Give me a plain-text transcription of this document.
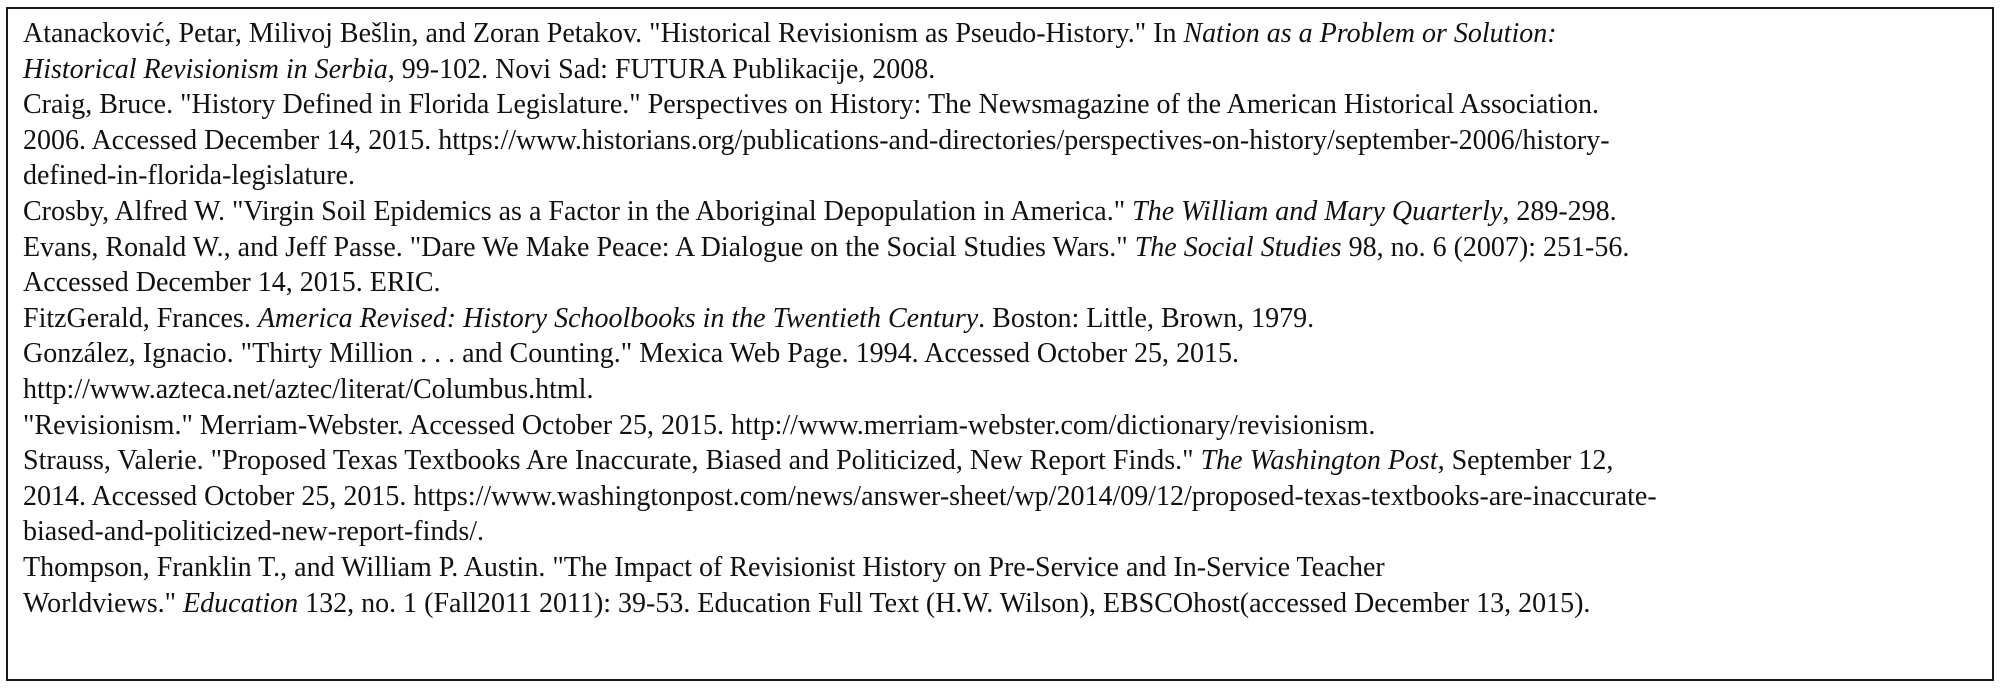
Atanacković, Petar, Milivoj Bešlin, and Zoran Petakov. "Historical Revisionism as Pseudo-History." In Nation as a Problem or Solution:
Historical Revisionism in Serbia, 99-102. Novi Sad: FUTURA Publikacije, 2008.
Craig, Bruce. "History Defined in Florida Legislature." Perspectives on History: The Newsmagazine of the American Historical Association.
2006. Accessed December 14, 2015. https://www.historians.org/publications-and-directories/perspectives-on-history/september-2006/history-
defined-in-florida-legislature.
Crosby, Alfred W. "Virgin Soil Epidemics as a Factor in the Aboriginal Depopulation in America." The William and Mary Quarterly, 289-298.
Evans, Ronald W., and Jeff Passe. "Dare We Make Peace: A Dialogue on the Social Studies Wars." The Social Studies 98, no. 6 (2007): 251-56.
Accessed December 14, 2015. ERIC.
FitzGerald, Frances. America Revised: History Schoolbooks in the Twentieth Century. Boston: Little, Brown, 1979.
González, Ignacio. "Thirty Million . . . and Counting." Mexica Web Page. 1994. Accessed October 25, 2015.
http://www.azteca.net/aztec/literat/Columbus.html.
"Revisionism." Merriam-Webster. Accessed October 25, 2015. http://www.merriam-webster.com/dictionary/revisionism.
Strauss, Valerie. "Proposed Texas Textbooks Are Inaccurate, Biased and Politicized, New Report Finds." The Washington Post, September 12,
2014. Accessed October 25, 2015. https://www.washingtonpost.com/news/answer-sheet/wp/2014/09/12/proposed-texas-textbooks-are-inaccurate-
biased-and-politicized-new-report-finds/.
Thompson, Franklin T., and William P. Austin. "The Impact of Revisionist History on Pre-Service and In-Service Teacher
Worldviews." Education 132, no. 1 (Fall2011 2011): 39-53. Education Full Text (H.W. Wilson), EBSCOhost(accessed December 13, 2015).
